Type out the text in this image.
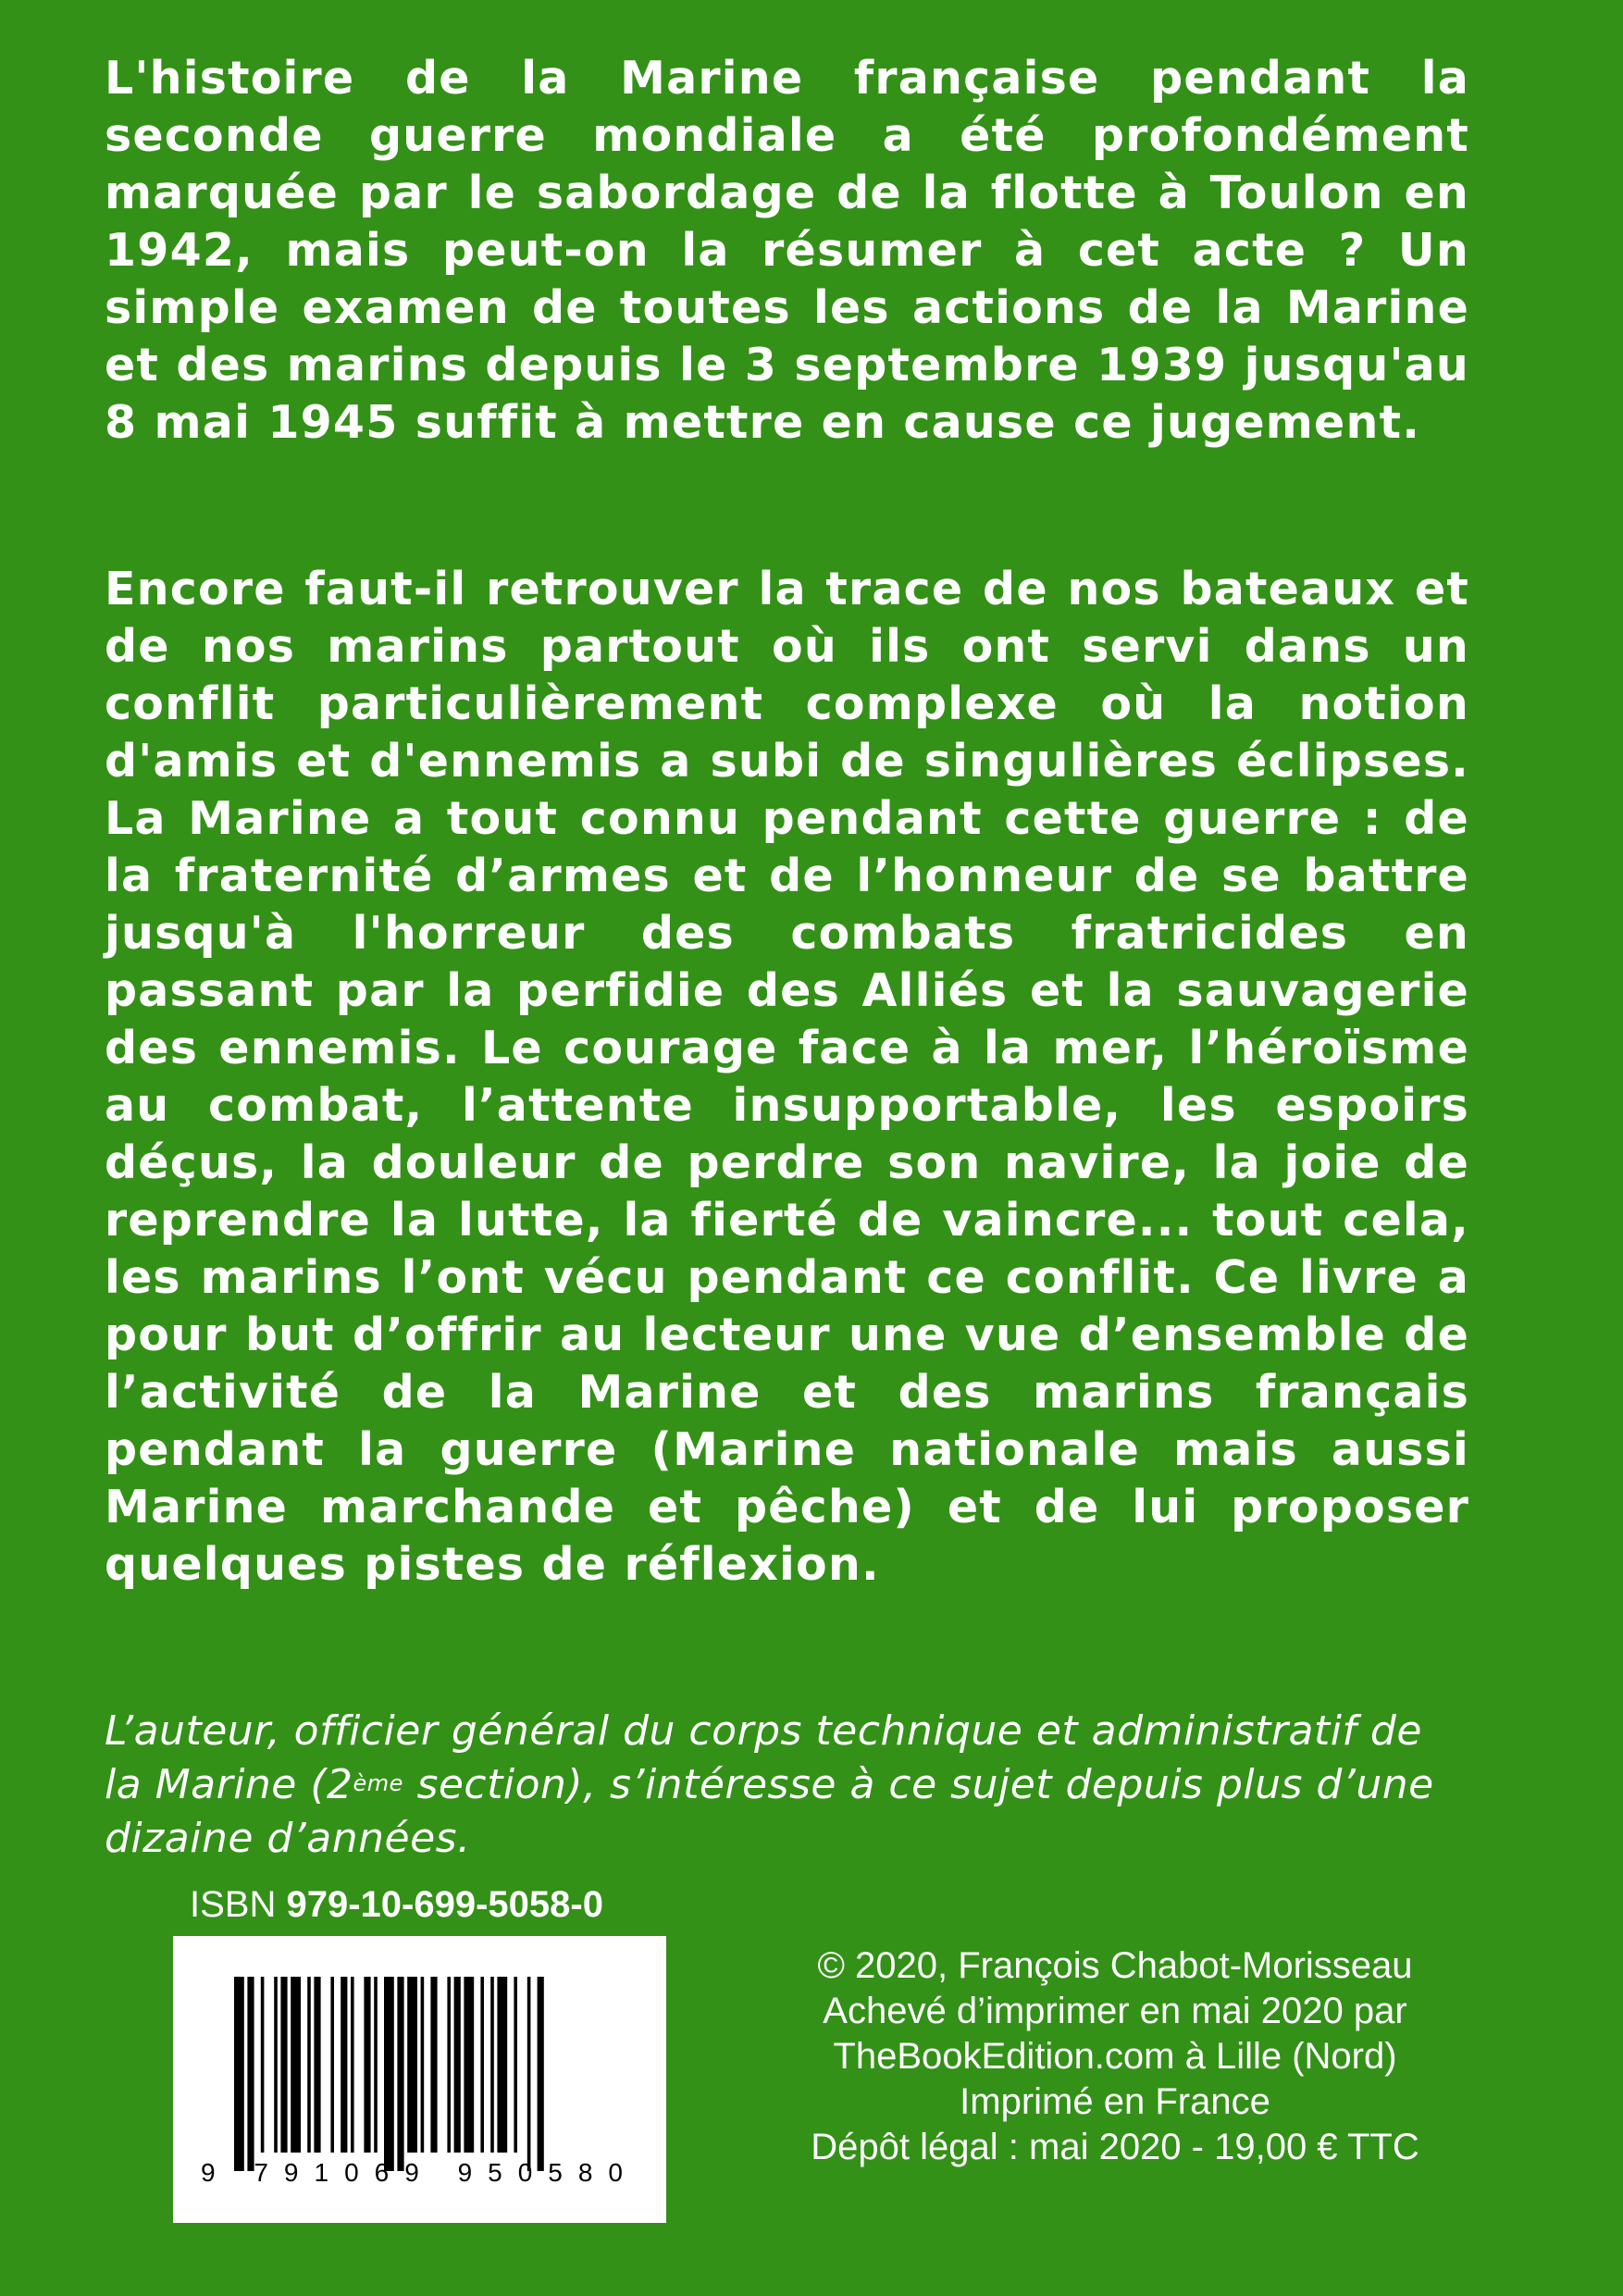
L'histoire de la Marine française pendant la seconde guerre mondiale a été profondément marquée par le sabordage de la flotte à Toulon en 1942, mais peut-on la résumer à cet acte ? Un simple examen de toutes les actions de la Marine et des marins depuis le 3 septembre 1939 jusqu'au 8 mai 1945 suffit à mettre en cause ce jugement.

Encore faut-il retrouver la trace de nos bateaux et de nos marins partout où ils ont servi dans un conflit particulièrement complexe où la notion d'amis et d'ennemis a subi de singulières éclipses. La Marine a tout connu pendant cette guerre : de la fraternité d’armes et de l’honneur de se battre jusqu'à l'horreur des combats fratricides en passant par la perfidie des Alliés et la sauvagerie des ennemis. Le courage face à la mer, l’héroïsme au combat, l’attente insupportable, les espoirs déçus, la douleur de perdre son navire, la joie de reprendre la lutte, la fierté de vaincre... tout cela, les marins l’ont vécu pendant ce conflit. Ce livre a pour but d’offrir au lecteur une vue d’ensemble de l’activité de la Marine et des marins français pendant la guerre (Marine nationale mais aussi Marine marchande et pêche) et de lui proposer quelques pistes de réflexion.

L’auteur, officier général du corps technique et administratif de la Marine (2ème section), s’intéresse à ce sujet depuis plus d’une dizaine d’années.

ISBN 979-10-699-5058-0
9 791069 950580
© 2020, François Chabot-Morisseau
Achevé d’imprimer en mai 2020 par
TheBookEdition.com à Lille (Nord)
Imprimé en France
Dépôt légal : mai 2020 - 19,00 € TTC
